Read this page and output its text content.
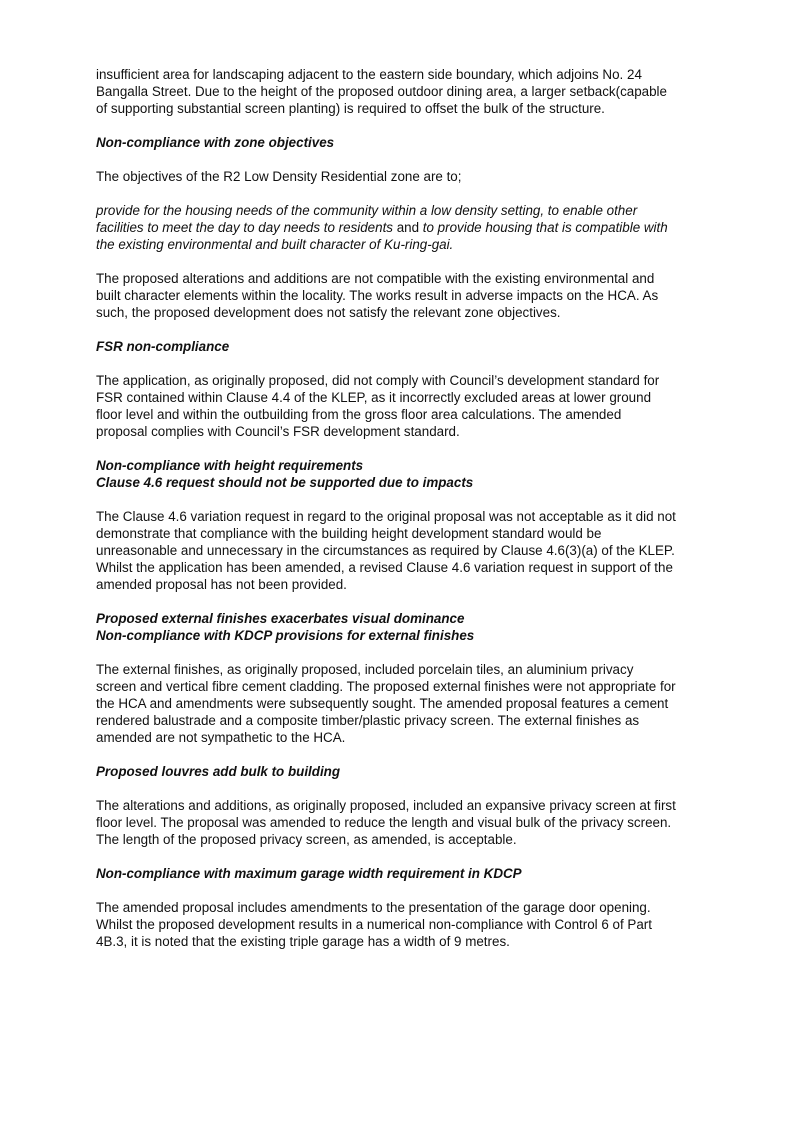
insufficient area for landscaping adjacent to the eastern side boundary, which adjoins No. 24 Bangalla Street. Due to the height of the proposed outdoor dining area, a larger setback(capable of supporting substantial screen planting) is required to offset the bulk of the structure.

Non-compliance with zone objectives

The objectives of the R2 Low Density Residential zone are to;

provide for the housing needs of the community within a low density setting, to enable other facilities to meet the day to day needs to residents and to provide housing that is compatible with the existing environmental and built character of Ku-ring-gai.

The proposed alterations and additions are not compatible with the existing environmental and built character elements within the locality. The works result in adverse impacts on the HCA. As such, the proposed development does not satisfy the relevant zone objectives.

FSR non-compliance

The application, as originally proposed, did not comply with Council’s development standard for FSR contained within Clause 4.4 of the KLEP, as it incorrectly excluded areas at lower ground floor level and within the outbuilding from the gross floor area calculations. The amended proposal complies with Council’s FSR development standard.

Non-compliance with height requirements
Clause 4.6 request should not be supported due to impacts

The Clause 4.6 variation request in regard to the original proposal was not acceptable as it did not demonstrate that compliance with the building height development standard would be unreasonable and unnecessary in the circumstances as required by Clause 4.6(3)(a) of the KLEP. Whilst the application has been amended, a revised Clause 4.6 variation request in support of the amended proposal has not been provided.

Proposed external finishes exacerbates visual dominance
Non-compliance with KDCP provisions for external finishes

The external finishes, as originally proposed, included porcelain tiles, an aluminium privacy screen and vertical fibre cement cladding. The proposed external finishes were not appropriate for the HCA and amendments were subsequently sought. The amended proposal features a cement rendered balustrade and a composite timber/plastic privacy screen. The external finishes as amended are not sympathetic to the HCA.

Proposed louvres add bulk to building

The alterations and additions, as originally proposed, included an expansive privacy screen at first floor level. The proposal was amended to reduce the length and visual bulk of the privacy screen. The length of the proposed privacy screen, as amended, is acceptable.

Non-compliance with maximum garage width requirement in KDCP

The amended proposal includes amendments to the presentation of the garage door opening. Whilst the proposed development results in a numerical non-compliance with Control 6 of Part 4B.3, it is noted that the existing triple garage has a width of 9 metres.
